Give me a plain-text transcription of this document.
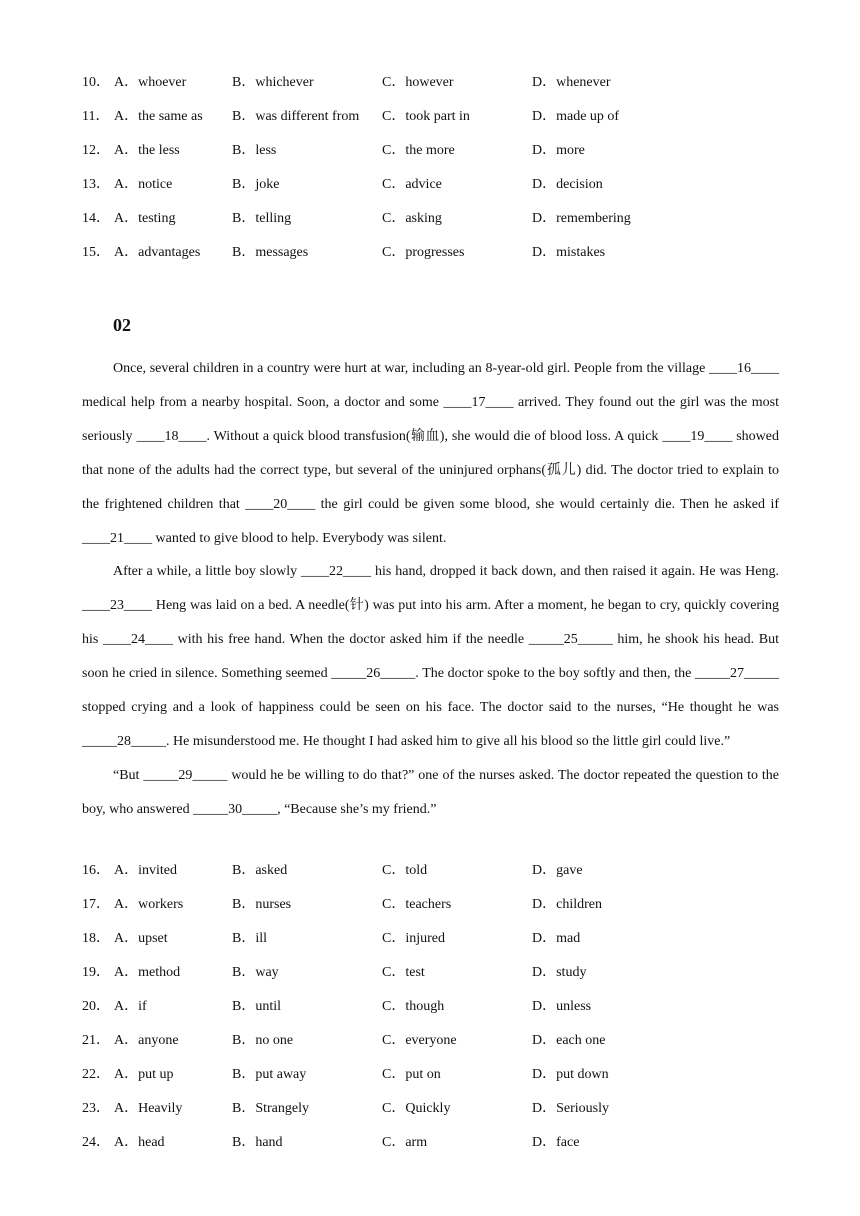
10． A．whoever	B．whichever	C．however	D．whenever
11． A．the same as B．was different from C．took part in	D．made up of
12． A．the less	B．less	C．the more	D．more
13． A．notice	B．joke	C．advice	D．decision
14． A．testing	B．telling	C．asking	D．remembering
15． A．advantages B．messages	C．progresses	D．mistakes
02

Once, several children in a country were hurt at war, including an 8-year-old girl. People from the village ____16____ medical help from a nearby hospital. Soon, a doctor and some ____17____ arrived. They found out the girl was the most seriously ____18____. Without a quick blood transfusion(输血), she would die of blood loss. A quick ____19____ showed that none of the adults had the correct type, but several of the uninjured orphans(孤儿) did. The doctor tried to explain to the frightened children that ____20____ the girl could be given some blood, she would certainly die. Then he asked if ____21____ wanted to give blood to help. Everybody was silent.

After a while, a little boy slowly ____22____ his hand, dropped it back down, and then raised it again. He was Heng. ____23____ Heng was laid on a bed. A needle(针) was put into his arm. After a moment, he began to cry, quickly covering his ____24____ with his free hand. When the doctor asked him if the needle _____25_____ him, he shook his head. But soon he cried in silence. Something seemed _____26_____. The doctor spoke to the boy softly and then, the _____27_____ stopped crying and a look of happiness could be seen on his face. The doctor said to the nurses, “He thought he was _____28_____. He misunderstood me. He thought I had asked him to give all his blood so the little girl could live.”

“But _____29_____ would he be willing to do that?” one of the nurses asked. The doctor repeated the question to the boy, who answered _____30_____, “Because she’s my friend.”

16． A．invited	B．asked	C．told	D．gave
17． A．workers	B．nurses	C．teachers	D．children
18． A．upset	B．ill	C．injured	D．mad
19． A．method	B．way	C．test	D．study
20． A．if	B．until	C．though	D．unless
21． A．anyone	B．no one	C．everyone	D．each one
22． A．put up	B．put away	C．put on	D．put down
23． A．Heavily	B．Strangely	C．Quickly	D．Seriously
24． A．head	B．hand	C．arm	D．face
